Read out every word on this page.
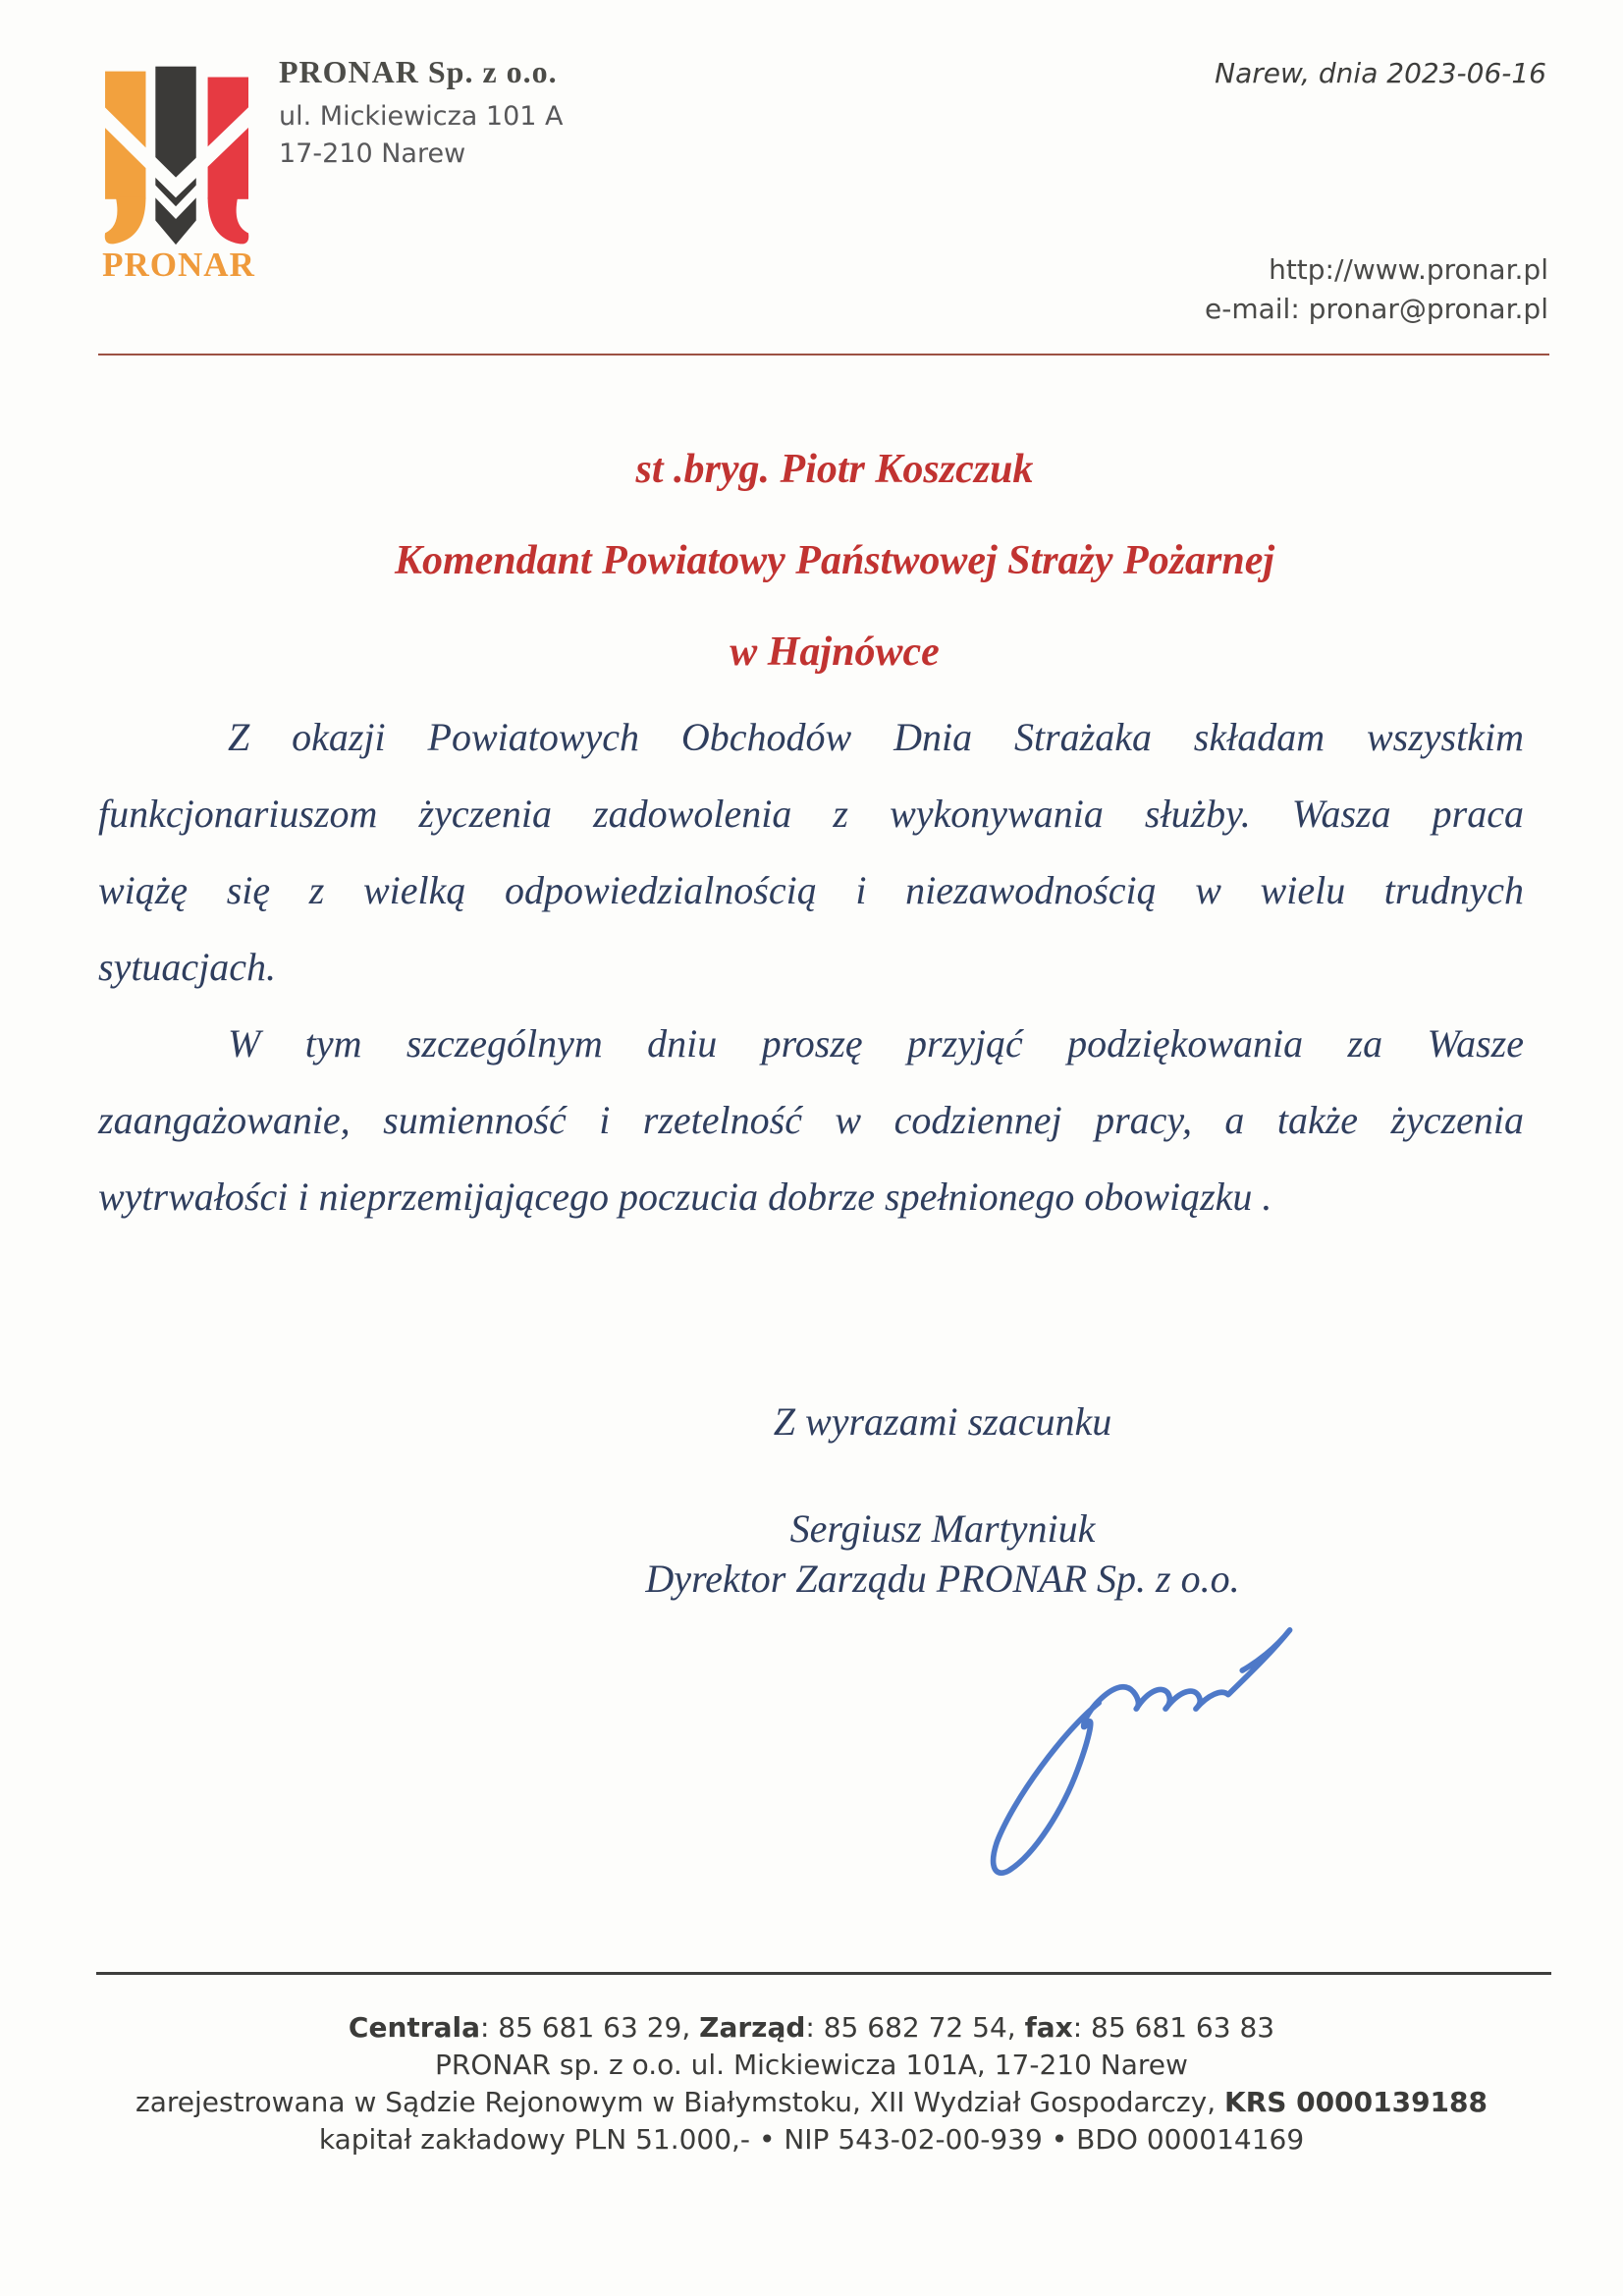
PRONAR
PRONAR Sp. z o.o.
ul. Mickiewicza 101 A
17-210 Narew
Narew, dnia 2023-06-16
http://www.pronar.pl
e-mail: pronar@pronar.pl
st .bryg. Piotr Koszczuk
Komendant Powiatowy Państwowej Straży Pożarnej
w Hajnówce
Z okazji Powiatowych Obchodów Dnia Strażaka składam wszystkim
funkcjonariuszom życzenia zadowolenia z wykonywania służby. Wasza praca
wiążę się z wielką odpowiedzialnością i niezawodnością w wielu trudnych
sytuacjach.
W tym szczególnym dniu proszę przyjąć podziękowania za Wasze
zaangażowanie, sumienność i rzetelność w codziennej pracy, a także życzenia
wytrwałości i nieprzemijającego poczucia dobrze spełnionego obowiązku .
Z wyrazami szacunku
Sergiusz Martyniuk
Dyrektor Zarządu PRONAR Sp. z o.o.
Centrala: 85 681 63 29, Zarząd: 85 682 72 54, fax: 85 681 63 83
PRONAR sp. z o.o. ul. Mickiewicza 101A, 17-210 Narew
zarejestrowana w Sądzie Rejonowym w Białymstoku, XII Wydział Gospodarczy, KRS 0000139188
kapitał zakładowy PLN 51.000,- • NIP 543-02-00-939 • BDO 000014169
